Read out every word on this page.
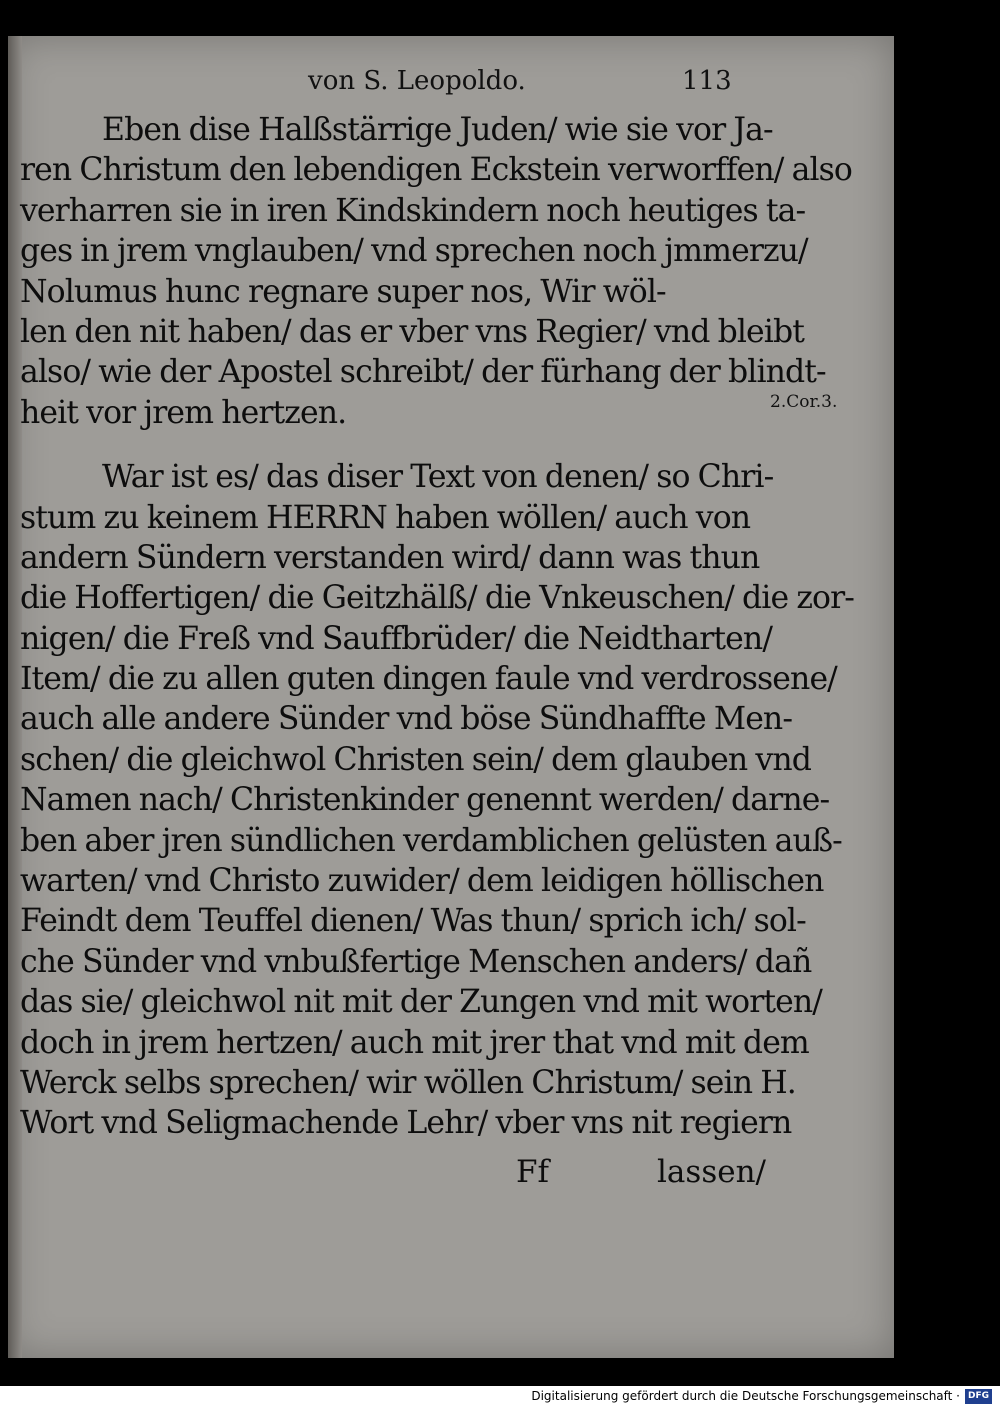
von S. Leopoldo.	113
Eben dise Halßstärrige Juden/ wie sie vor Ja-
ren Christum den lebendigen Eckstein verworffen/ also
verharren sie in iren Kindskindern noch heutiges ta-
ges in jrem vnglauben/ vnd sprechen noch jmmerzu/
Nolumus hunc regnare super nos, Wir wöl-
len den nit haben/ das er vber vns Regier/ vnd bleibt
also/ wie der Apostel schreibt/ der fürhang der blindt-
heit vor jrem hertzen.
War ist es/ das diser Text von denen/ so Chri-
stum zu keinem HERRN haben wöllen/ auch von
andern Sündern verstanden wird/ dann was thun
die Hoffertigen/ die Geitzhälß/ die Vnkeuschen/ die zor-
nigen/ die Freß vnd Sauffbrüder/ die Neidtharten/
Item/ die zu allen guten dingen faule vnd verdrossene/
auch alle andere Sünder vnd böse Sündhaffte Men-
schen/ die gleichwol Christen sein/ dem glauben vnd
Namen nach/ Christenkinder genennt werden/ darne-
ben aber jren sündlichen verdamblichen gelüsten auß-
warten/ vnd Christo zuwider/ dem leidigen höllischen
Feindt dem Teuffel dienen/ Was thun/ sprich ich/ sol-
che Sünder vnd vnbußfertige Menschen anders/ dañ
das sie/ gleichwol nit mit der Zungen vnd mit worten/
doch in jrem hertzen/ auch mit jrer that vnd mit dem
Werck selbs sprechen/ wir wöllen Christum/ sein H.
Wort vnd Seligmachende Lehr/ vber vns nit regiern
2.Cor.3.
Ff	lassen/
Digitalisierung gefördert durch die Deutsche Forschungsgemeinschaft · DFG
